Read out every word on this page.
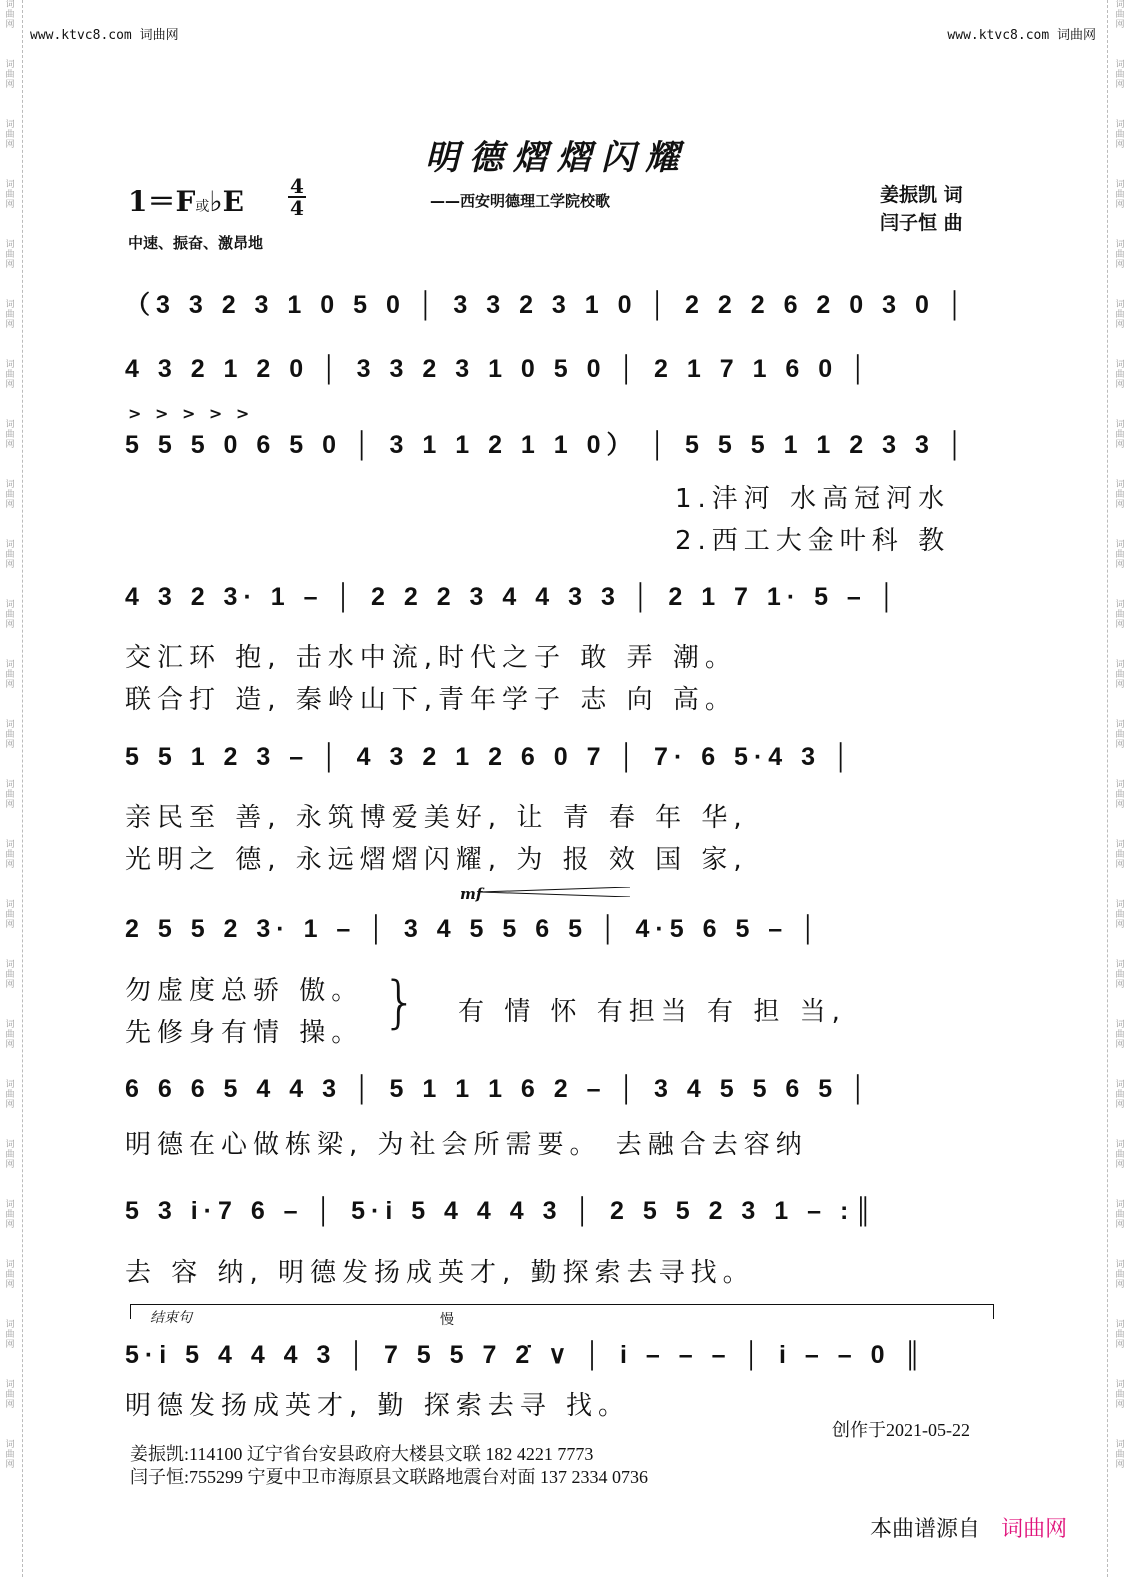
词曲网
词曲网
词曲网
词曲网
词曲网
词曲网
词曲网
词曲网
词曲网
词曲网
词曲网
词曲网
词曲网
词曲网
词曲网
词曲网
词曲网
词曲网
词曲网
词曲网
词曲网
词曲网
词曲网
词曲网
词曲网
词曲网
词曲网
词曲网
词曲网
词曲网
词曲网
词曲网
词曲网
词曲网
词曲网
词曲网
词曲网
词曲网
词曲网
词曲网
词曲网
词曲网
词曲网
词曲网
词曲网
词曲网
词曲网
词曲网
词曲网
词曲网
www.ktvc8.com 词曲网	www.ktvc8.com 词曲网
明德熠熠闪耀
——西安明德理工学院校歌
1＝F或♭E 4
4
中速、振奋、激昂地
姜振凯 词
闫子恒 曲
（3 3 2 3 1 0 5 0 │ 3 3 2 3 1 0 │ 2 2 2 6 2 0 3 0 │
4 3 2 1 2 0 │ 3 3 2 3 1 0 5 0 │ 2 1 7 1 6 0 │
> > > > >
5 5 5 0 6 5 0 │ 3 1 1 2 1 1 0） │ 5 5 5 1 1 2 3 3 │
1.沣河 水高冠河水
2.西工大金叶科 教
4 3 2 3· 1 – │ 2 2 2 3 4 4 3 3 │ 2 1 7 1· 5 – │
交汇环 抱, 击水中流,时代之子 敢 弄 潮。
联合打 造, 秦岭山下,青年学子 志 向 高。
5 5 1 2 3 – │ 4 3 2 1 2 6 0 7 │ 7· 6 5·4 3 │
亲民至 善, 永筑博爱美好, 让 青 春 年 华,
光明之 德, 永远熠熠闪耀, 为 报 效 国 家,
mf
2 5 5 2 3· 1 – │ 3 4 5 5 6 5 │ 4·5 6 5 – │
勿虚度总骄 傲。
先修身有情 操。 } 有 情 怀 有担当 有 担 当,
6 6 6 5 4 4 3 │ 5 1 1 1 6 2 – │ 3 4 5 5 6 5 │
明德在心做栋梁, 为社会所需要。 去融合去容纳
5 3 i·7 6 – │ 5·i 5 4 4 4 3 │ 2 5 5 2 3 1 – :║
去 容 纳, 明德发扬成英才, 勤探索去寻找。
结束句	慢
5·i 5 4 4 4 3 │ 7 5 5 7 2̇ ∨ │ i – – – │ i – – 0 ║
明德发扬成英才, 勤 探索去寻 找。
创作于2021-05-22
姜振凯:114100 辽宁省台安县政府大楼县文联 182 4221 7773
闫子恒:755299 宁夏中卫市海原县文联路地震台对面 137 2334 0736
本曲谱源自 词曲网
